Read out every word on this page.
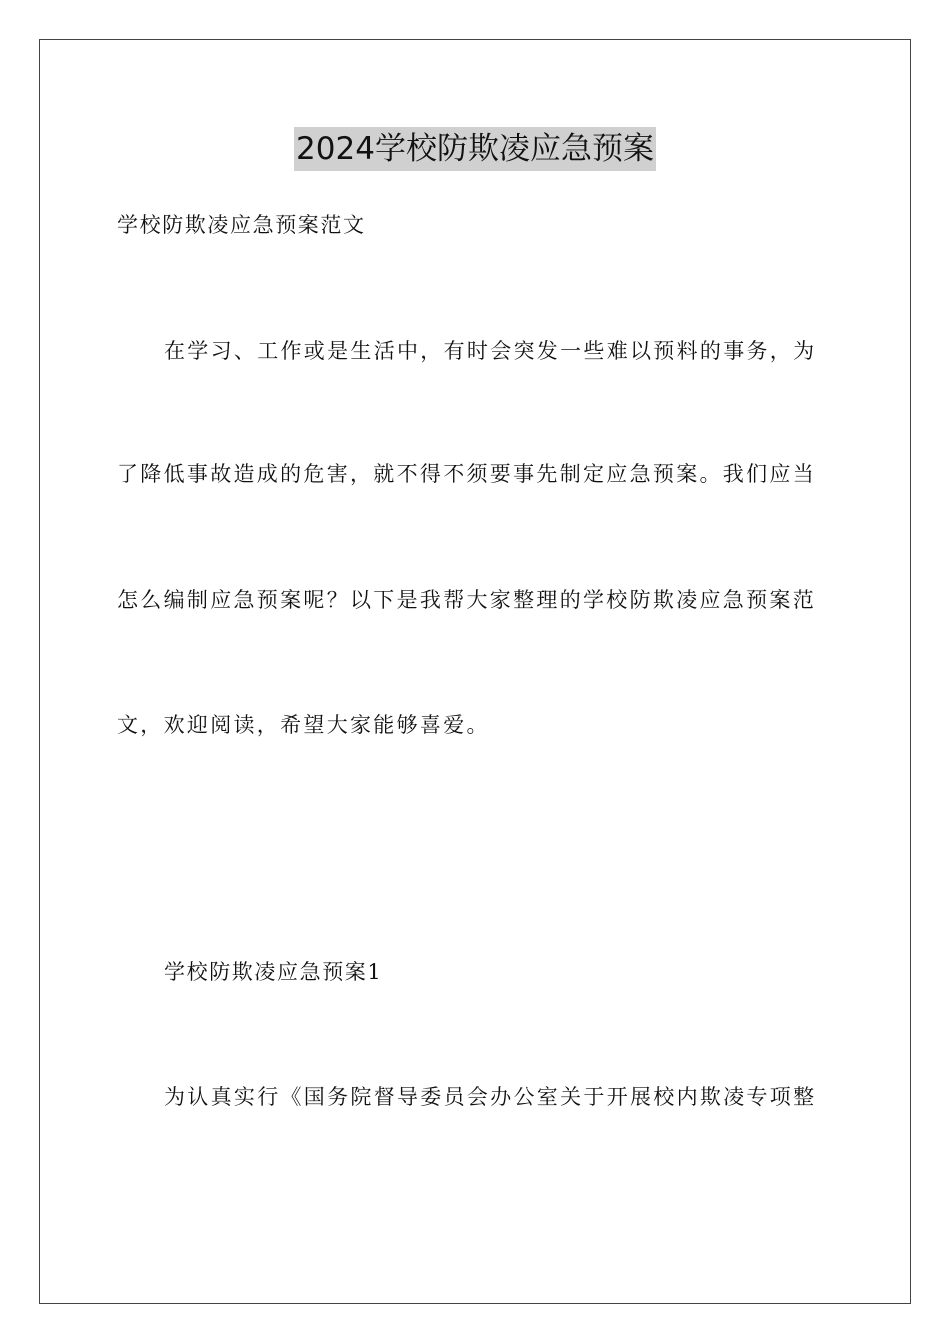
2024学校防欺凌应急预案

学校防欺凌应急预案范文

在学习、工作或是生活中，有时会突发一些难以预料的事务，为

了降低事故造成的危害，就不得不须要事先制定应急预案。我们应当

怎么编制应急预案呢？以下是我帮大家整理的学校防欺凌应急预案范

文，欢迎阅读，希望大家能够喜爱。

学校防欺凌应急预案1

为认真实行《国务院督导委员会办公室关于开展校内欺凌专项整
